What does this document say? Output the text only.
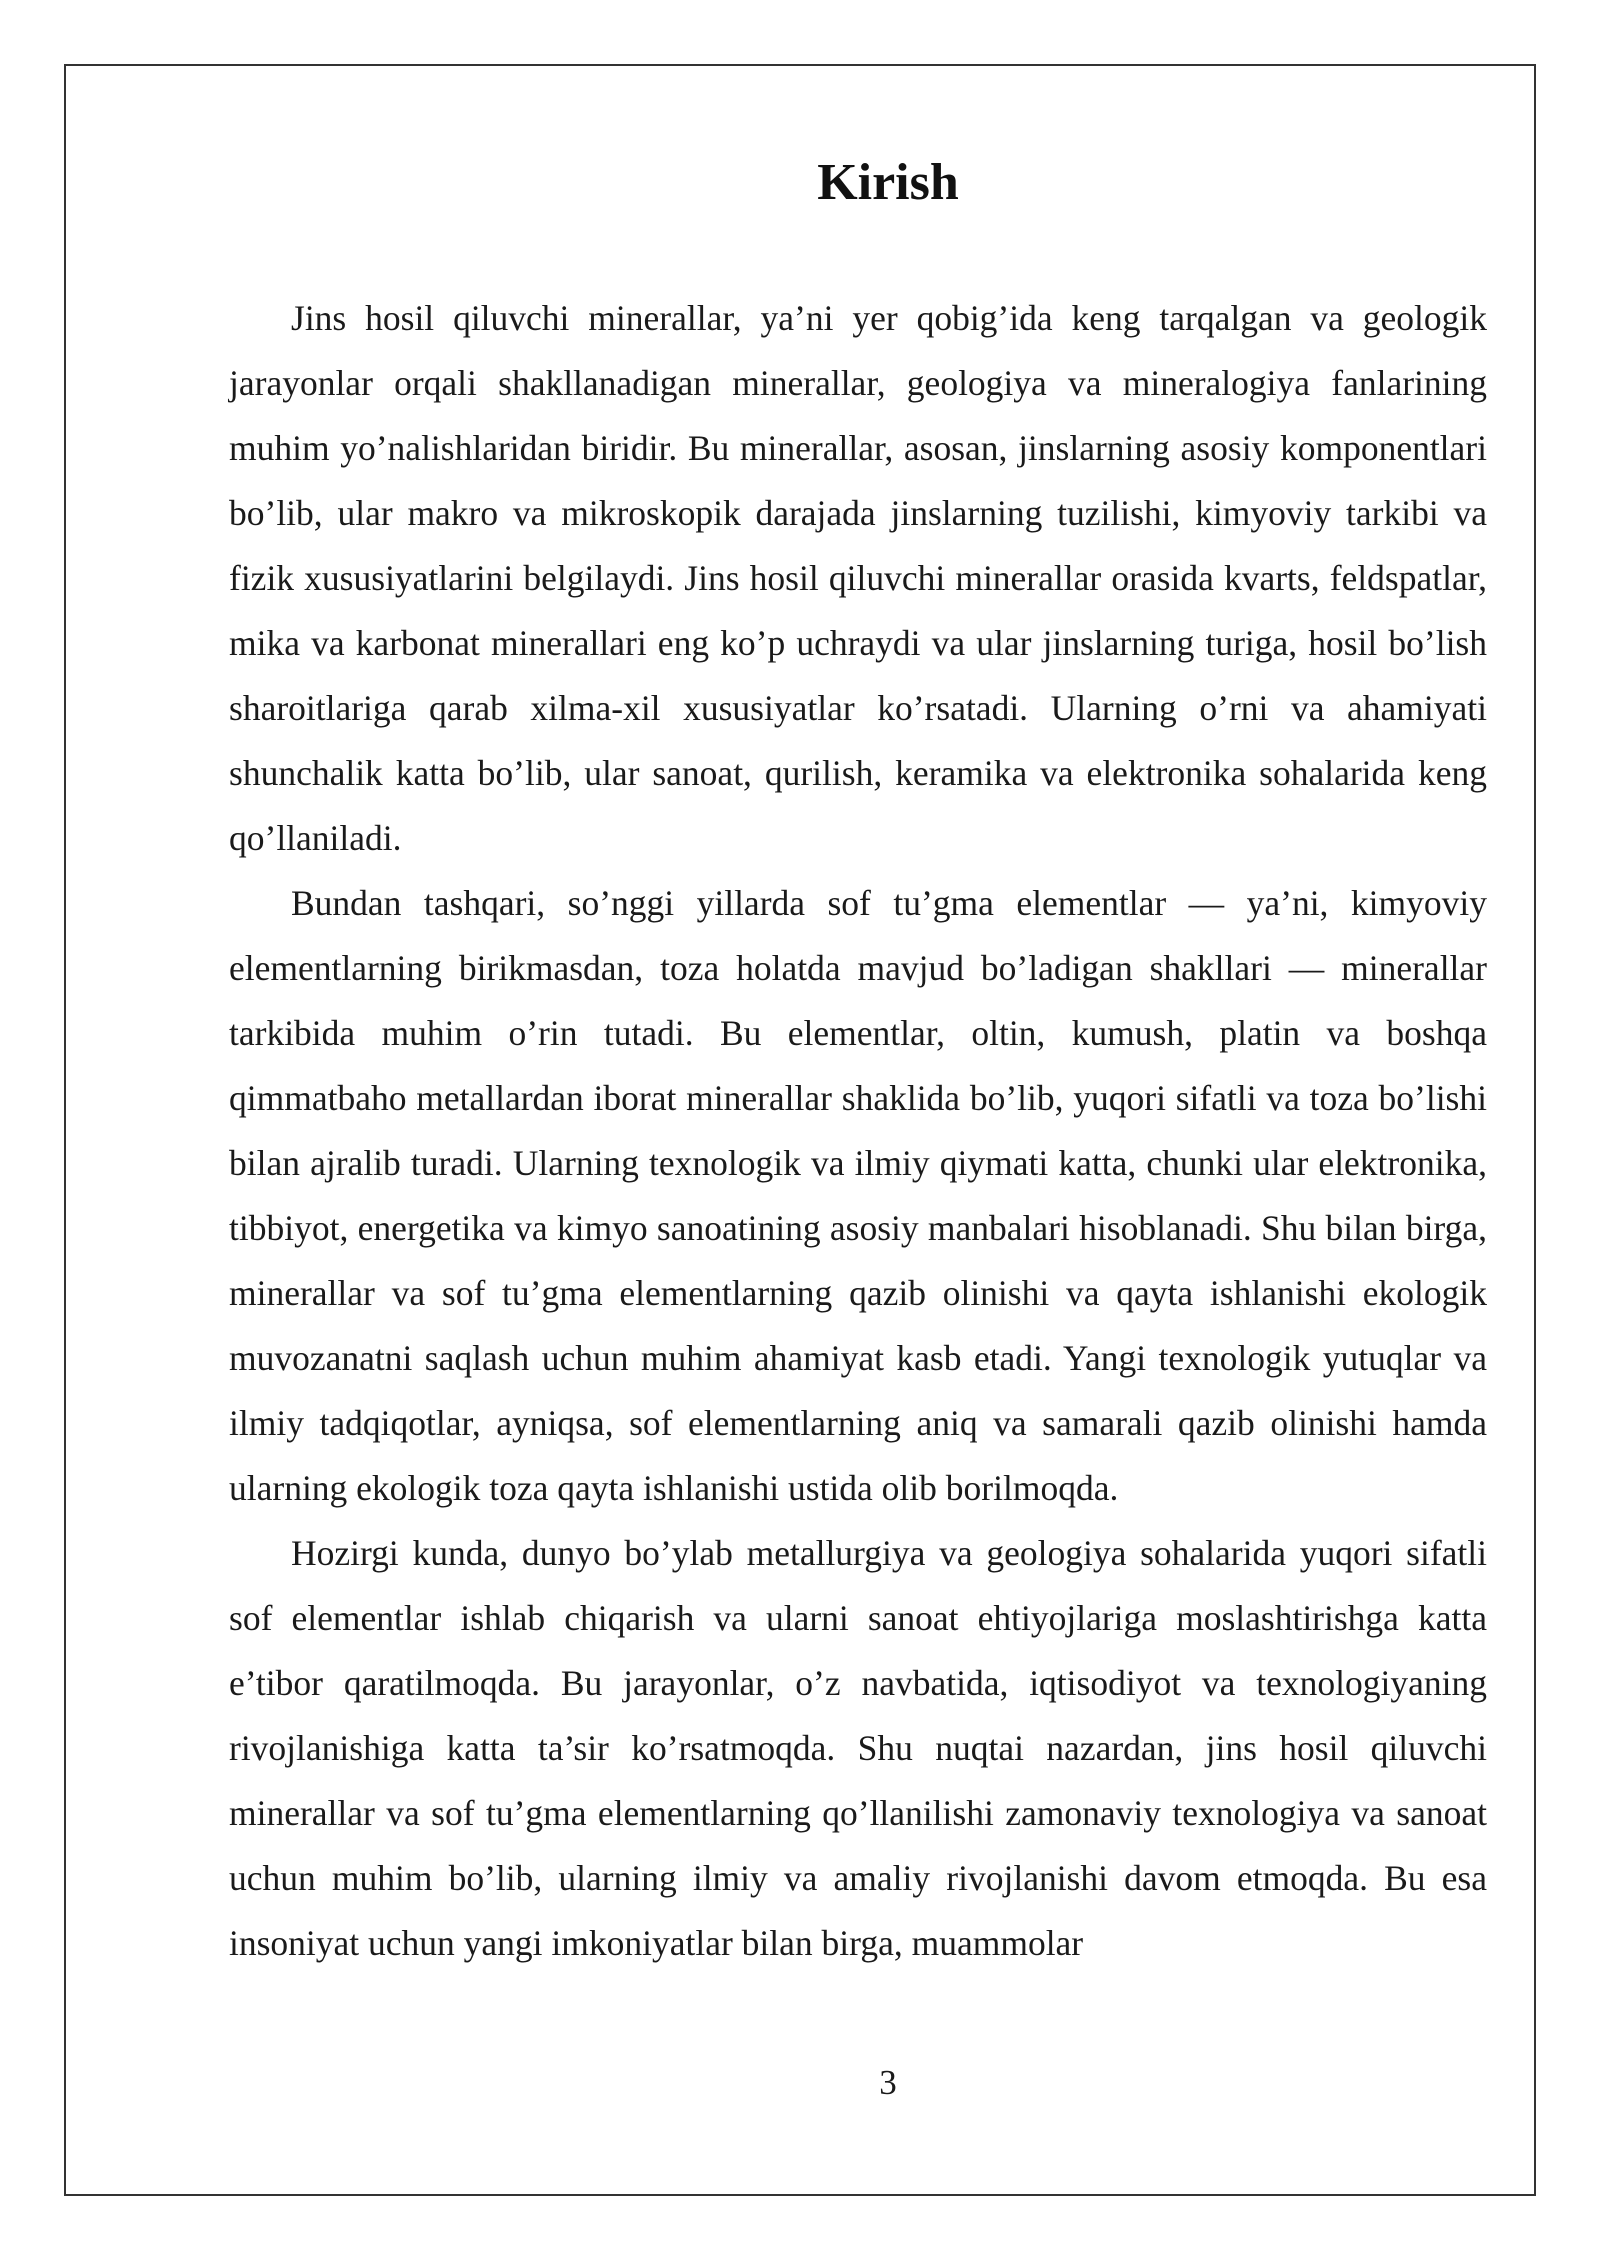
Kirish

Jins hosil qiluvchi minerallar, ya’ni yer qobig’ida keng tarqalgan va geologik jarayonlar orqali shakllanadigan minerallar, geologiya va mineralogiya fanlarining muhim yo’nalishlaridan biridir. Bu minerallar, asosan, jinslarning asosiy komponentlari bo’lib, ular makro va mikroskopik darajada jinslarning tuzilishi, kimyoviy tarkibi va fizik xususiyatlarini belgilaydi. Jins hosil qiluvchi minerallar orasida kvarts, feldspatlar, mika va karbonat minerallari eng ko’p uchraydi va ular jinslarning turiga, hosil bo’lish sharoitlariga qarab xilma-xil xususiyatlar ko’rsatadi. Ularning o’rni va ahamiyati shunchalik katta bo’lib, ular sanoat, qurilish, keramika va elektronika sohalarida keng qo’llaniladi.

Bundan tashqari, so’nggi yillarda sof tu’gma elementlar — ya’ni, kimyoviy elementlarning birikmasdan, toza holatda mavjud bo’ladigan shakllari — minerallar tarkibida muhim o’rin tutadi. Bu elementlar, oltin, kumush, platin va boshqa qimmatbaho metallardan iborat minerallar shaklida bo’lib, yuqori sifatli va toza bo’lishi bilan ajralib turadi. Ularning texnologik va ilmiy qiymati katta, chunki ular elektronika, tibbiyot, energetika va kimyo sanoatining asosiy manbalari hisoblanadi. Shu bilan birga, minerallar va sof tu’gma elementlarning qazib olinishi va qayta ishlanishi ekologik muvozanatni saqlash uchun muhim ahamiyat kasb etadi. Yangi texnologik yutuqlar va ilmiy tadqiqotlar, ayniqsa, sof elementlarning aniq va samarali qazib olinishi hamda ularning ekologik toza qayta ishlanishi ustida olib borilmoqda.

Hozirgi kunda, dunyo bo’ylab metallurgiya va geologiya sohalarida yuqori sifatli sof elementlar ishlab chiqarish va ularni sanoat ehtiyojlariga moslashtirishga katta e’tibor qaratilmoqda. Bu jarayonlar, o’z navbatida, iqtisodiyot va texnologiyaning rivojlanishiga katta ta’sir ko’rsatmoqda. Shu nuqtai nazardan, jins hosil qiluvchi minerallar va sof tu’gma elementlarning qo’llanilishi zamonaviy texnologiya va sanoat uchun muhim bo’lib, ularning ilmiy va amaliy rivojlanishi davom etmoqda. Bu esa insoniyat uchun yangi imkoniyatlar bilan birga, muammolar

3
